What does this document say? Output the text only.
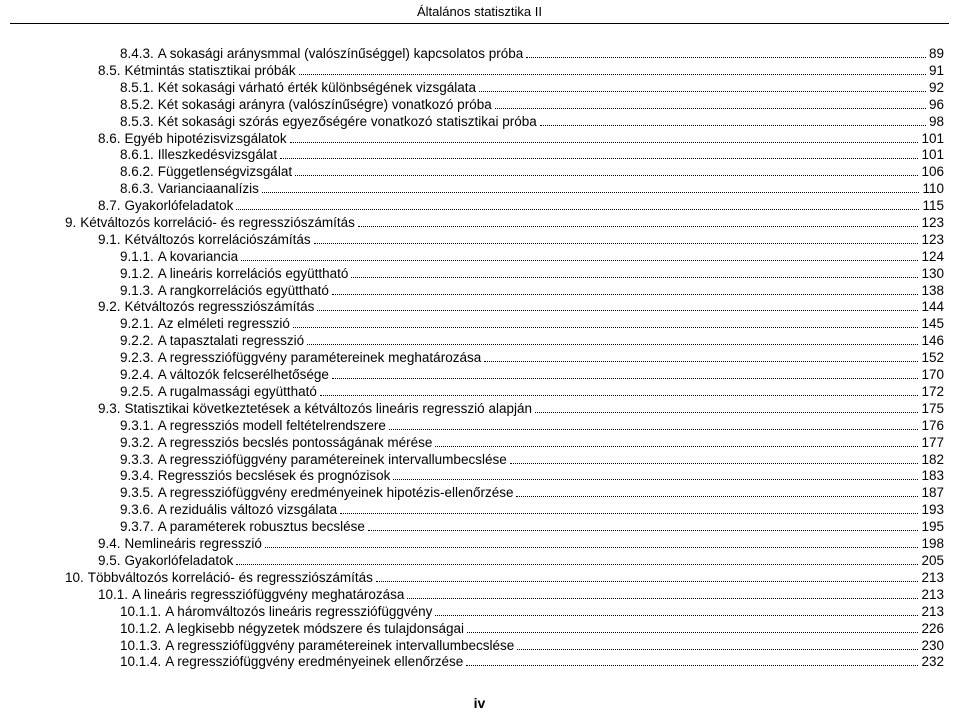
Általános statisztika II
8.4.3. A sokasági aránysmmal (valószínűséggel) kapcsolatos próba	89
8.5. Kétmintás statisztikai próbák	91
8.5.1. Két sokasági várható érték különbségének vizsgálata	92
8.5.2. Két sokasági arányra (valószínűségre) vonatkozó próba	96
8.5.3. Két sokasági szórás egyezőségére vonatkozó statisztikai próba	98
8.6. Egyéb hipotézisvizsgálatok	101
8.6.1. Illeszkedésvizsgálat	101
8.6.2. Függetlenségvizsgálat	106
8.6.3. Varianciaanalízis	110
8.7. Gyakorlófeladatok	115
9. Kétváltozós korreláció- és regressziószámítás	123
9.1. Kétváltozós korrelációszámítás	123
9.1.1. A kovariancia	124
9.1.2. A lineáris korrelációs együttható	130
9.1.3. A rangkorrelációs együttható	138
9.2. Kétváltozós regressziószámítás	144
9.2.1. Az elméleti regresszió	145
9.2.2. A tapasztalati regresszió	146
9.2.3. A regressziófüggvény paramétereinek meghatározása	152
9.2.4. A változók felcserélhetősége	170
9.2.5. A rugalmassági együttható	172
9.3. Statisztikai következtetések a kétváltozós lineáris regresszió alapján	175
9.3.1. A regressziós modell feltételrendszere	176
9.3.2. A regressziós becslés pontosságának mérése	177
9.3.3. A regressziófüggvény paramétereinek intervallumbecslése	182
9.3.4. Regressziós becslések és prognózisok	183
9.3.5. A regressziófüggvény eredményeinek hipotézis-ellenőrzése	187
9.3.6. A reziduális változó vizsgálata	193
9.3.7. A paraméterek robusztus becslése	195
9.4. Nemlineáris regresszió	198
9.5. Gyakorlófeladatok	205
10. Többváltozós korreláció- és regressziószámítás	213
10.1. A lineáris regressziófüggvény meghatározása	213
10.1.1. A háromváltozós lineáris regressziófüggvény	213
10.1.2. A legkisebb négyzetek módszere és tulajdonságai	226
10.1.3. A regressziófüggvény paramétereinek intervallumbecslése	230
10.1.4. A regressziófüggvény eredményeinek ellenőrzése	232
iv
